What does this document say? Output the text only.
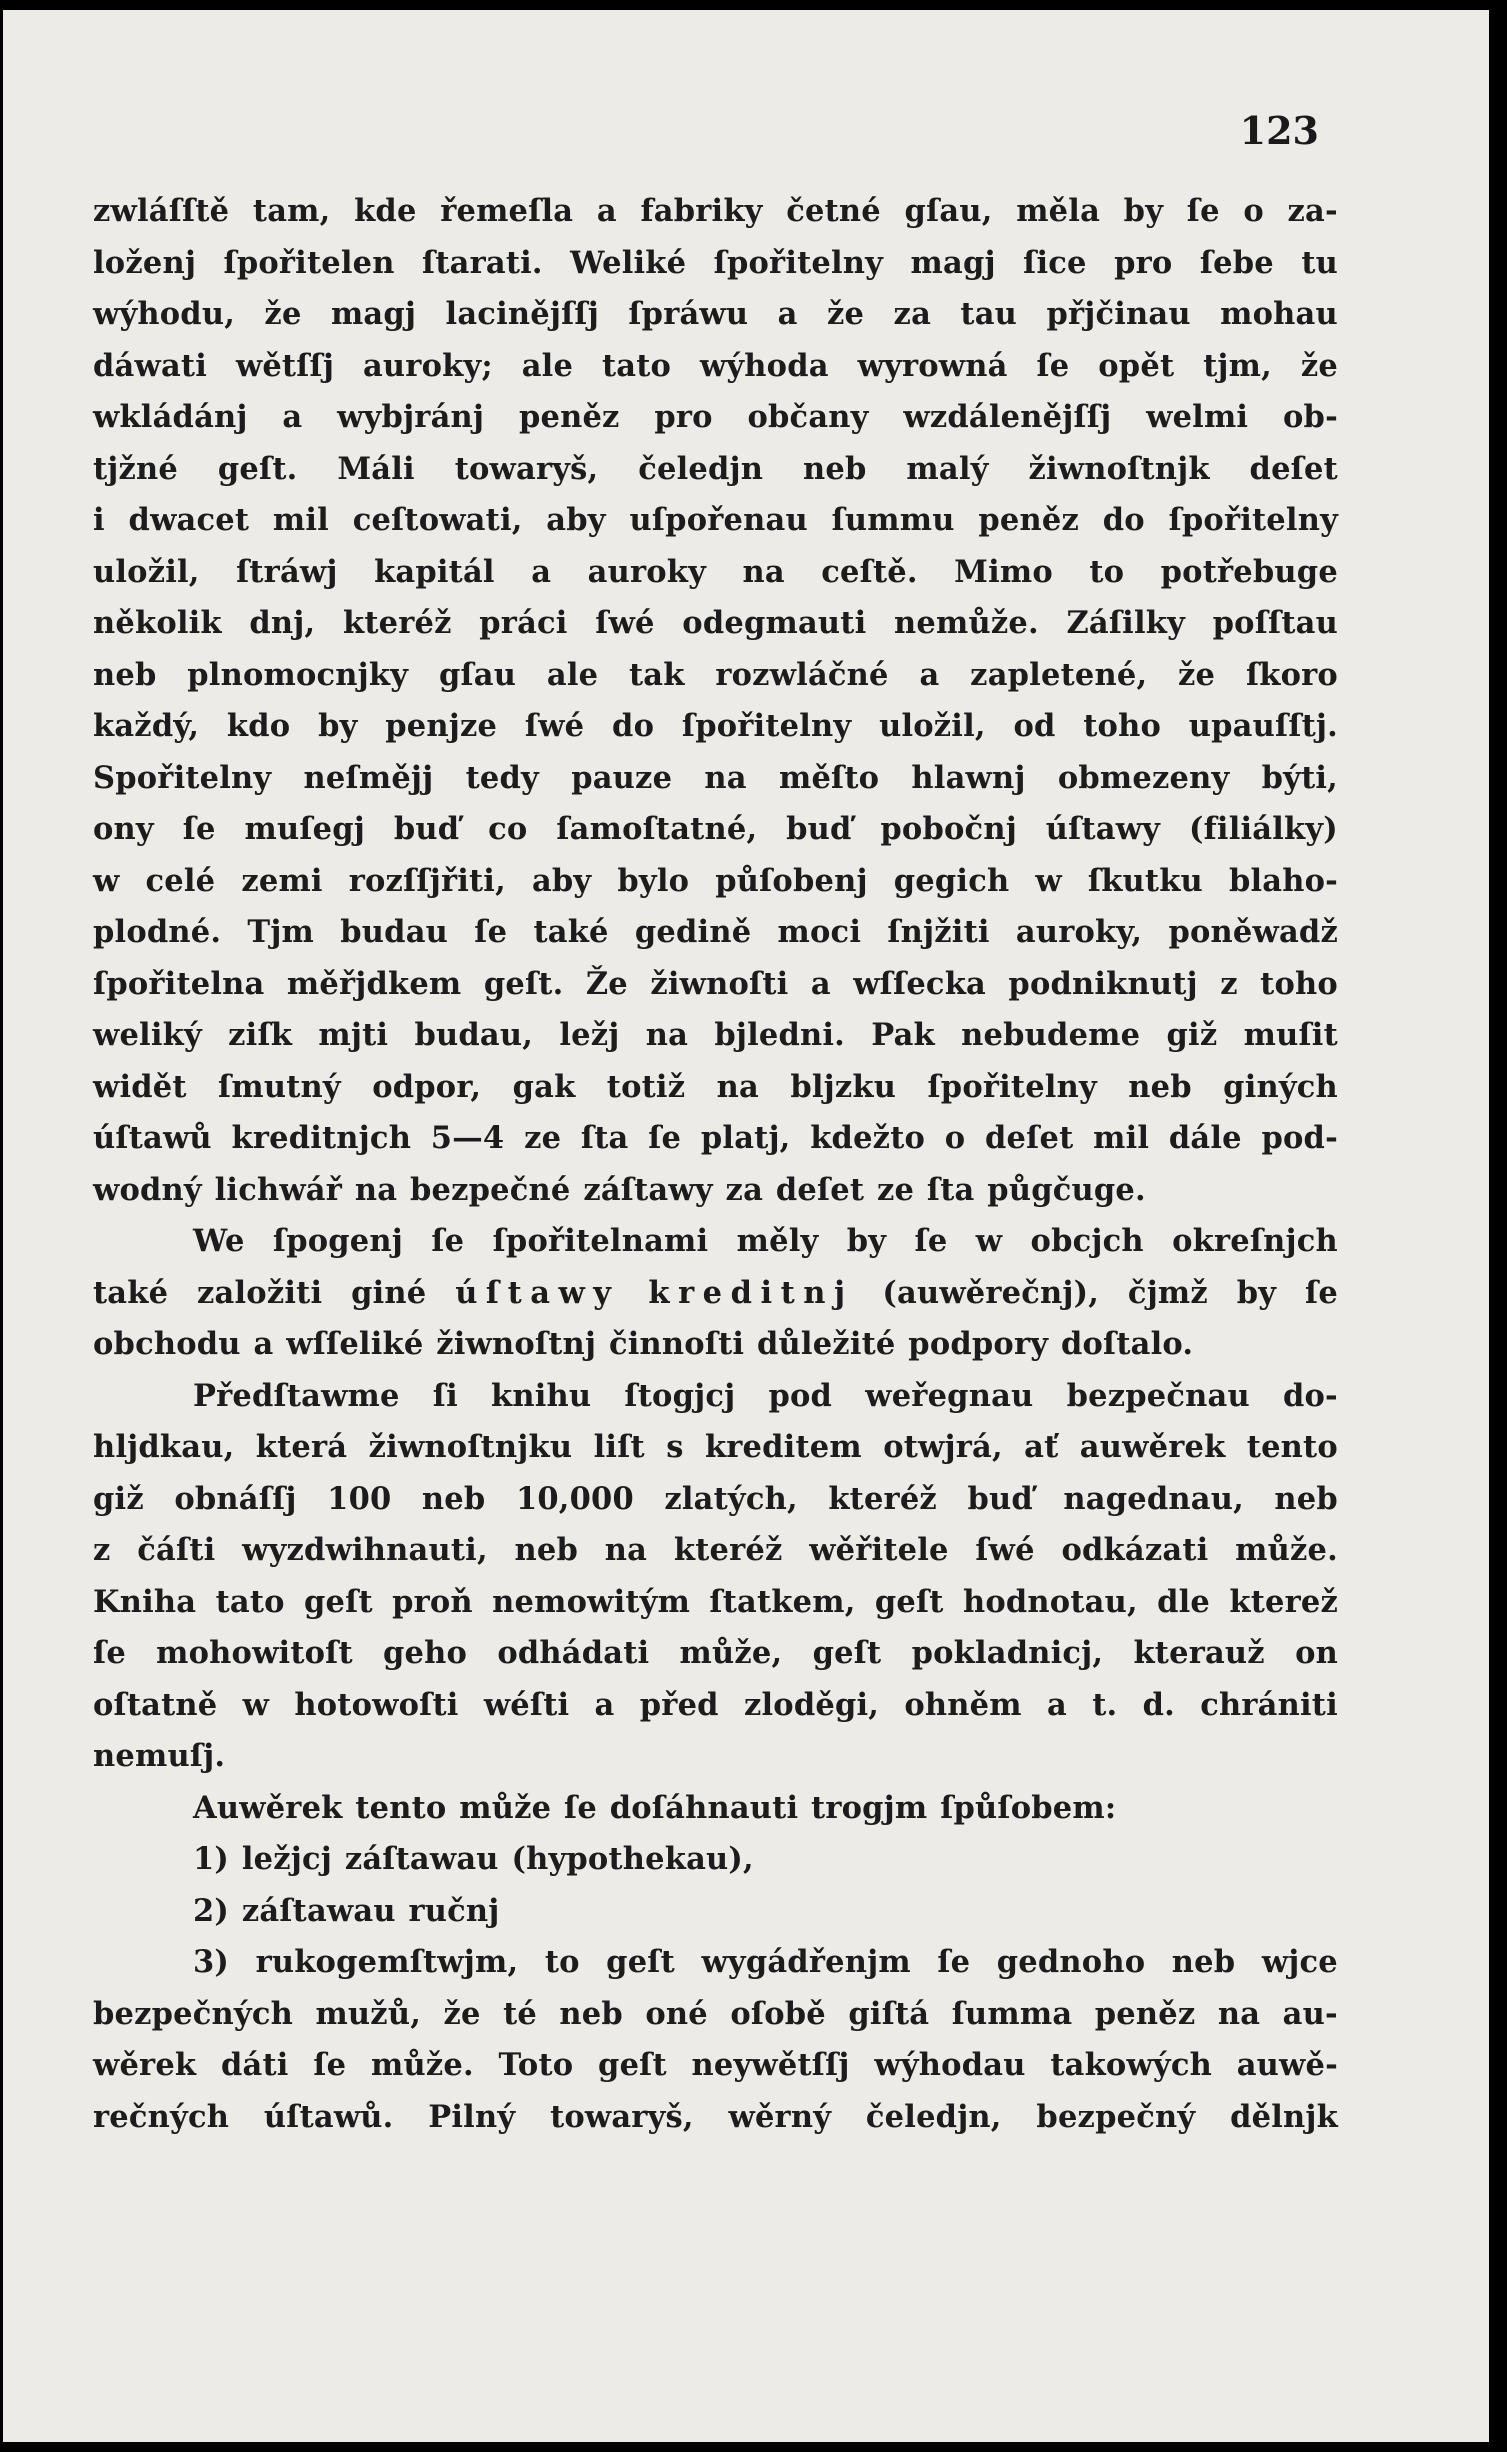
123
zwláſſtě tam, kde řemeſla a fabriky četné gſau, měla by ſe o za-
loženj ſpořitelen ſtarati. Weliké ſpořitelny magj ſice pro ſebe tu
wýhodu, že magj lacinějſſj ſpráwu a že za tau přjčinau mohau
dáwati wětſſj auroky; ale tato wýhoda wyrowná ſe opět tjm, že
wkládánj a wybjránj peněz pro občany wzdálenějſſj welmi ob-
tjžné geſt. Máli towaryš, čeledjn neb malý žiwnoſtnjk deſet
i dwacet mil ceſtowati, aby uſpořenau ſummu peněz do ſpořitelny
uložil, ſtráwj kapitál a auroky na ceſtě. Mimo to potřebuge
několik dnj, kteréž práci ſwé odegmauti nemůže. Záſilky poſſtau
neb plnomocnjky gſau ale tak rozwláčné a zapletené, že ſkoro
každý, kdo by penjze ſwé do ſpořitelny uložil, od toho upauſſtj.
Spořitelny neſmějj tedy pauze na měſto hlawnj obmezeny býti,
ony ſe muſegj buď co ſamoſtatné, buď pobočnj úſtawy (filiálky)
w celé zemi rozſſjřiti, aby bylo půſobenj gegich w ſkutku blaho-
plodné. Tjm budau ſe také gedině moci ſnjžiti auroky, poněwadž
ſpořitelna měřjdkem geſt. Že žiwnoſti a wſſecka podniknutj z toho
weliký ziſk mjti budau, ležj na bjledni. Pak nebudeme giž muſit
widět ſmutný odpor, gak totiž na bljzku ſpořitelny neb giných
úſtawů kreditnjch 5—4 ze ſta ſe platj, kdežto o deſet mil dále pod-
wodný lichwář na bezpečné záſtawy za deſet ze ſta půgčuge.
We ſpogenj ſe ſpořitelnami měly by ſe w obcjch okreſnjch
také založiti giné úſtawy kreditnj (auwěrečnj), čjmž by ſe
obchodu a wſſeliké žiwnoſtnj činnoſti důležité podpory doſtalo.
Předſtawme ſi knihu ſtogjcj pod weřegnau bezpečnau do-
hljdkau, která žiwnoſtnjku liſt s kreditem otwjrá, ať auwěrek tento
giž obnáſſj 100 neb 10,000 zlatých, kteréž buď nagednau, neb
z čáſti wyzdwihnauti, neb na kteréž wěřitele ſwé odkázati může.
Kniha tato geſt proň nemowitým ſtatkem, geſt hodnotau, dle kterež
ſe mohowitoſt geho odhádati může, geſt pokladnicj, kterauž on
oſtatně w hotowoſti wéſti a před zloděgi, ohněm a t. d. chrániti
nemuſj.
Auwěrek tento může ſe doſáhnauti trogjm ſpůſobem:
1) ležjcj záſtawau (hypothekau),
2) záſtawau ručnj
3) rukogemſtwjm, to geſt wygádřenjm ſe gednoho neb wjce
bezpečných mužů, že té neb oné oſobě giſtá ſumma peněz na au-
wěrek dáti ſe může. Toto geſt neywětſſj wýhodau takowých auwě-
rečných úſtawů. Pilný towaryš, wěrný čeledjn, bezpečný dělnjk
